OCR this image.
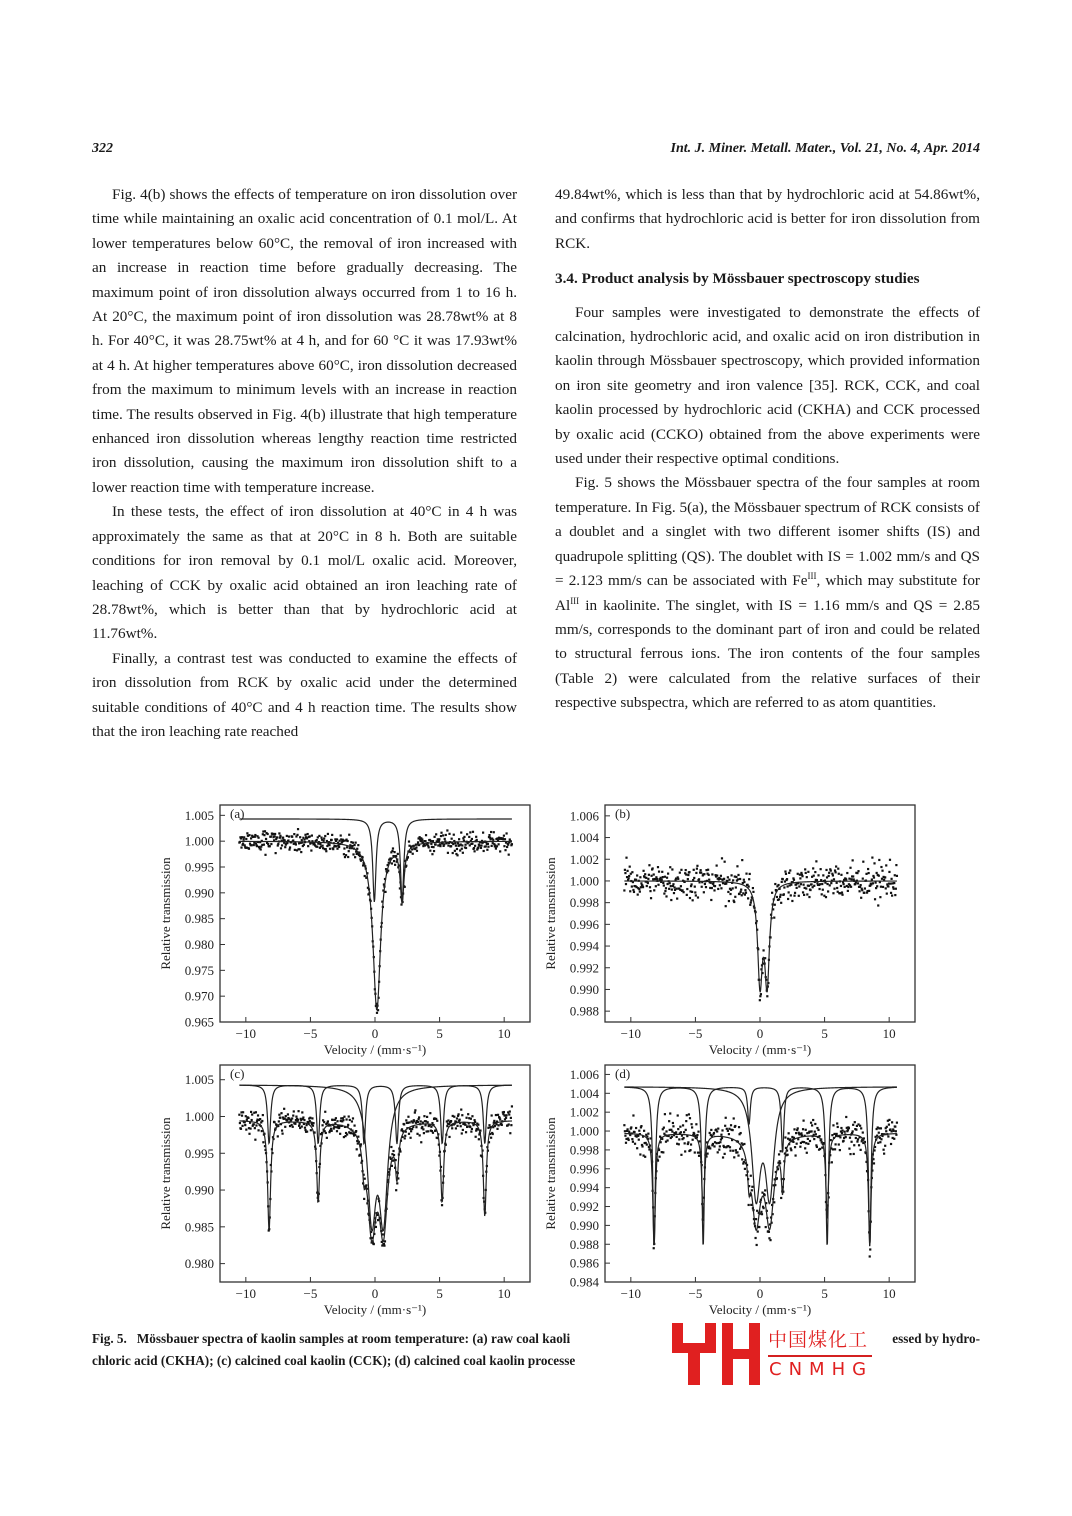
322	Int. J. Miner. Metall. Mater., Vol. 21, No. 4, Apr. 2014

Fig. 4(b) shows the effects of temperature on iron dissolution over time while maintaining an oxalic acid concentration of 0.1 mol/L. At lower temperatures below 60°C, the removal of iron increased with an increase in reaction time before gradually decreasing. The maximum point of iron dissolution always occurred from 1 to 16 h. At 20°C, the maximum point of iron dissolution was 28.78wt% at 8 h. For 40°C, it was 28.75wt% at 4 h, and for 60 °C it was 17.93wt% at 4 h. At higher temperatures above 60°C, iron dissolution decreased from the maximum to minimum levels with an increase in reaction time. The results observed in Fig. 4(b) illustrate that high temperature enhanced iron dissolution whereas lengthy reaction time restricted iron dissolution, causing the maximum iron dissolution shift to a lower reaction time with temperature increase.

In these tests, the effect of iron dissolution at 40°C in 4 h was approximately the same as that at 20°C in 8 h. Both are suitable conditions for iron removal by 0.1 mol/L oxalic acid. Moreover, leaching of CCK by oxalic acid obtained an iron leaching rate of 28.78wt%, which is better than that by hydrochloric acid at 11.76wt%.

Finally, a contrast test was conducted to examine the effects of iron dissolution from RCK by oxalic acid under the determined suitable conditions of 40°C and 4 h reaction time. The results show that the iron leaching rate reached

49.84wt%, which is less than that by hydrochloric acid at 54.86wt%, and confirms that hydrochloric acid is better for iron dissolution from RCK.

3.4. Product analysis by Mössbauer spectroscopy studies

Four samples were investigated to demonstrate the effects of calcination, hydrochloric acid, and oxalic acid on iron distribution in kaolin through Mössbauer spectroscopy, which provided information on iron site geometry and iron valence [35]. RCK, CCK, and coal kaolin processed by hydrochloric acid (CKHA) and CCK processed by oxalic acid (CCKO) obtained from the above experiments were used under their respective optimal conditions.

Fig. 5 shows the Mössbauer spectra of the four samples at room temperature. In Fig. 5(a), the Mössbauer spectrum of RCK consists of a doublet and a singlet with two different isomer shifts (IS) and quadrupole splitting (QS). The doublet with IS = 1.002 mm/s and QS = 2.123 mm/s can be associated with $Fe^{III}$, which may substitute for $Al^{III}$ in kaolinite. The singlet, with IS = 1.16 mm/s and QS = 2.85 mm/s, corresponds to the dominant part of iron and could be related to structural ferrous ions. The iron contents of the four samples (Table 2) were calculated from the relative surfaces of their respective subspectra, which are referred to as atom quantities.

0.965
0.970
0.975
0.980
0.985
0.990
0.995
1.000
1.005
−10	−5	0	5	10
Velocity / (mm·s⁻¹)
Relative transmission
(a)
0.988
0.990
0.992
0.994
0.996
0.998
1.000
1.002
1.004
1.006
−10	−5	0	5	10
Velocity / (mm·s⁻¹)
Relative transmission
(b)
0.980
0.985
0.990
0.995
1.000
1.005
−10	−5	0	5	10
Velocity / (mm·s⁻¹)
Relative transmission
(c)
0.984
0.986
0.988
0.990
0.992
0.994
0.996
0.998
1.000
1.002
1.004
1.006
−10	−5	0	5	10
Velocity / (mm·s⁻¹)
Relative transmission
(d)
Fig. 5. Mössbauer spectra of kaolin samples at room temperature: (a) raw coal kaoli	essed by hydro-
chloric acid (CKHA); (c) calcined coal kaolin (CCK); (d) calcined coal kaolin processe
中国煤化工
CNMHG
